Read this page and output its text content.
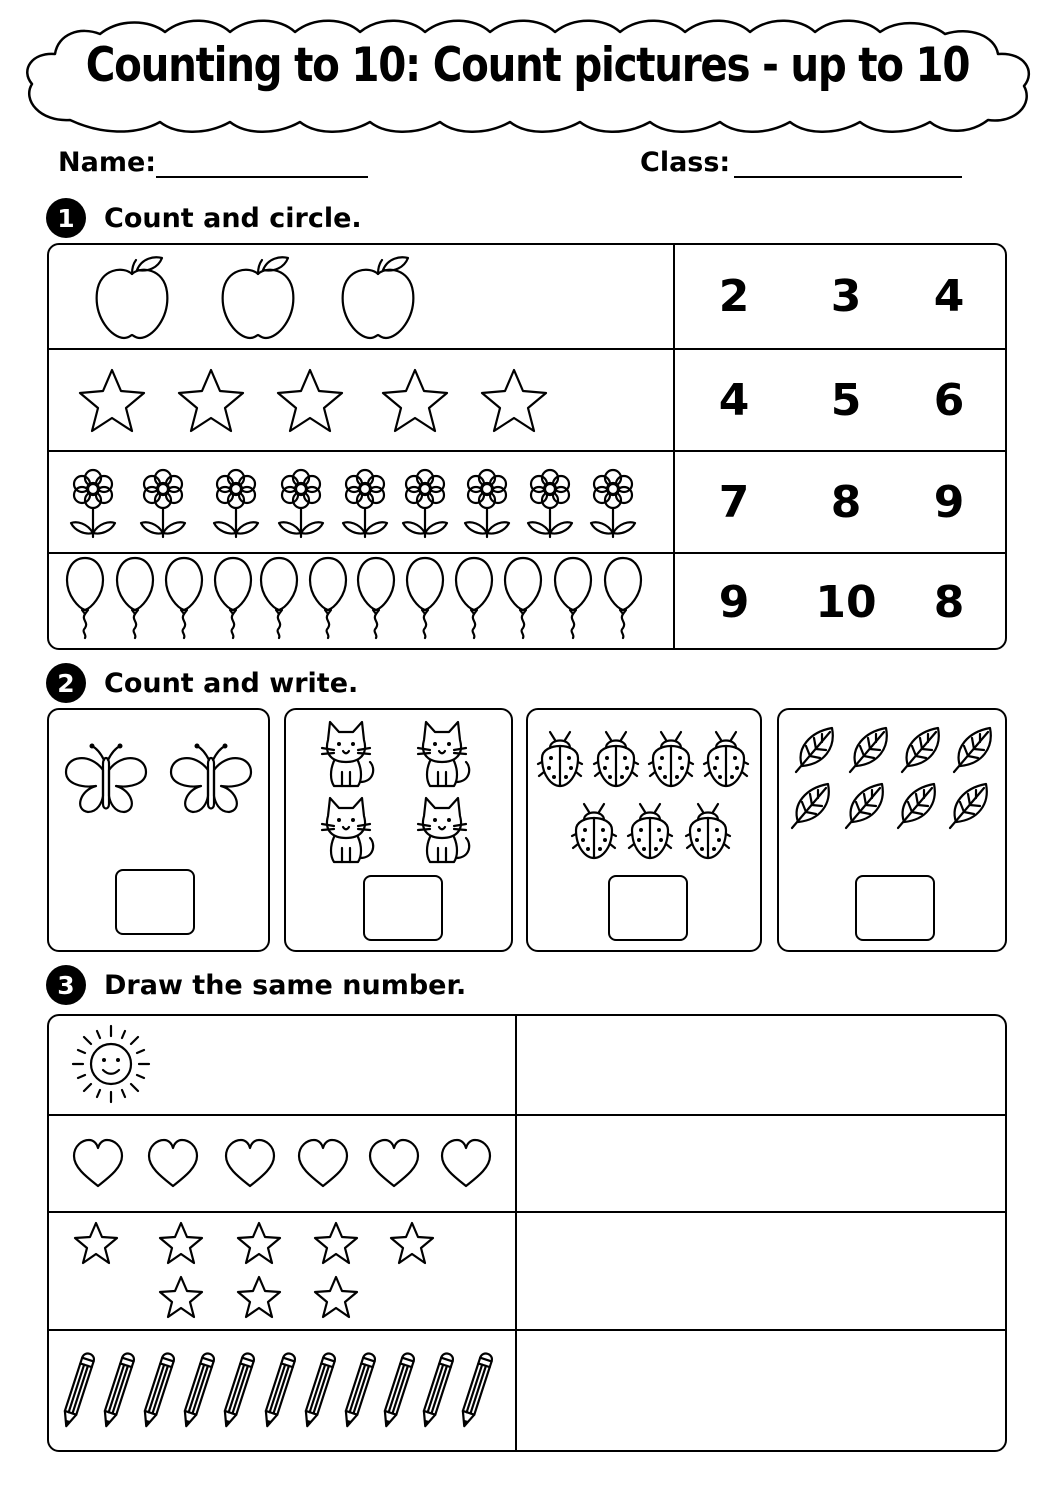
Counting to 10: Count pictures - up to 10
Name:	Class:
1	Count and circle.
2	3	4
4	5	6
7	8	9
9	10	8
2	Count and write.
3	Draw the same number.
